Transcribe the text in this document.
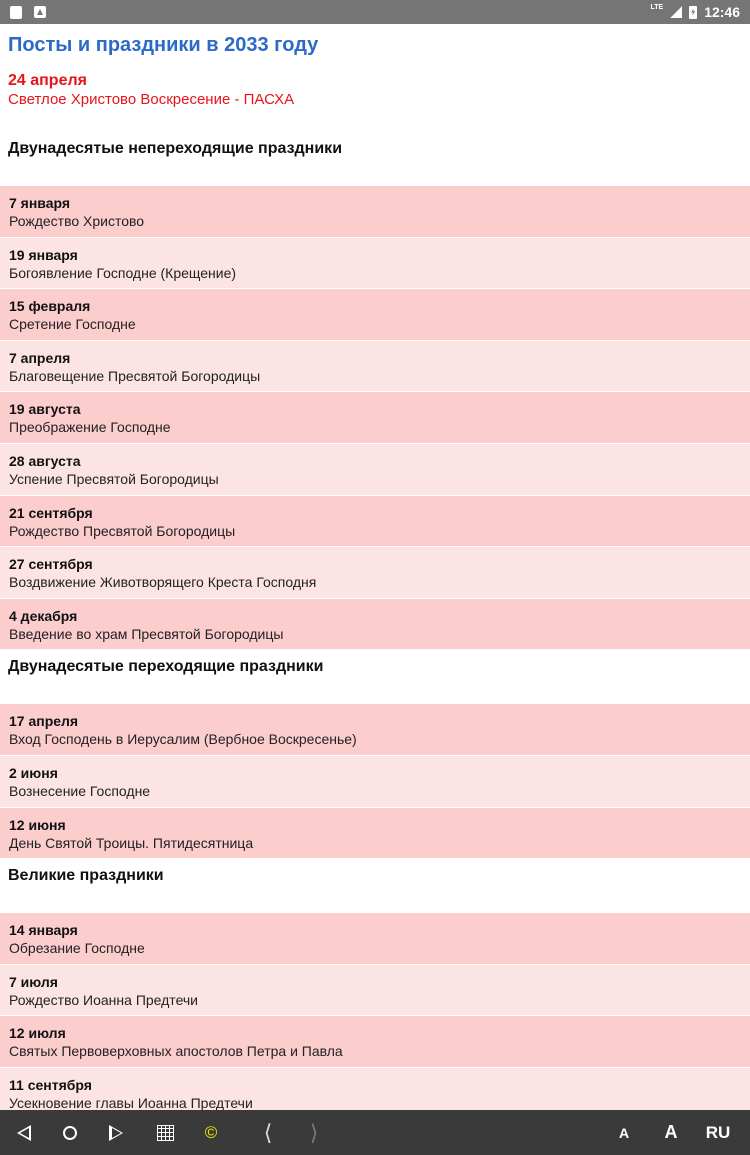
LTE	12:46
Посты и праздники в 2033 году
24 апреля
Светлое Христово Воскресение - ПАСХА
Двунадесятые непереходящие праздники
7 января
Рождество Христово
19 января
Богоявление Господне (Крещение)
15 февраля
Сретение Господне
7 апреля
Благовещение Пресвятой Богородицы
19 августа
Преображение Господне
28 августа
Успение Пресвятой Богородицы
21 сентября
Рождество Пресвятой Богородицы
27 сентября
Воздвижение Животворящего Креста Господня
4 декабря
Введение во храм Пресвятой Богородицы
Двунадесятые переходящие праздники
17 апреля
Вход Господень в Иерусалим (Вербное Воскресенье)
2 июня
Вознесение Господне
12 июня
День Святой Троицы. Пятидесятница
Великие праздники
14 января
Обрезание Господне
7 июля
Рождество Иоанна Предтечи
12 июля
Святых Первоверховных апостолов Петра и Павла
11 сентября
Усекновение главы Иоанна Предтечи
© ⟨ ⟩	A	A	RU
